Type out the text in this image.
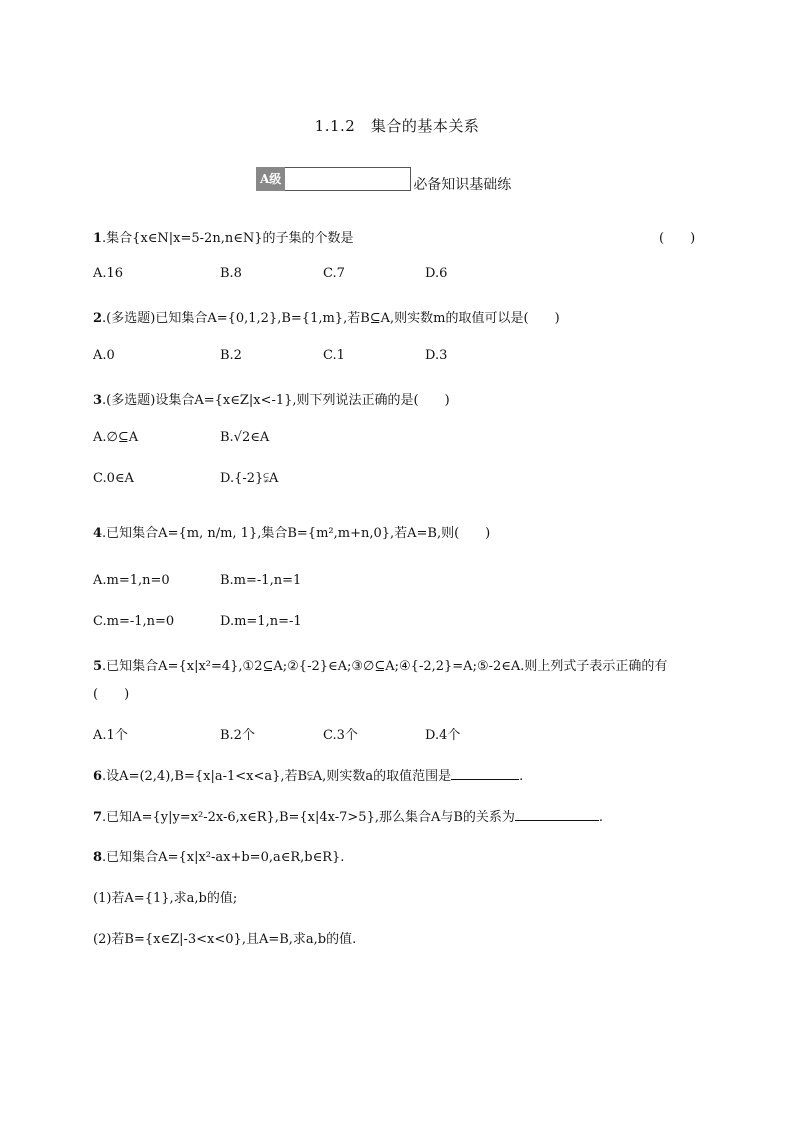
1.1.2　集合的基本关系
A级	必备知识基础练
1.集合{x∈N|x=5-2n,n∈N}的子集的个数是	(　　)
A.16	B.8	C.7	D.6
2.(多选题)已知集合A={0,1,2},B={1,m},若B⊆A,则实数m的取值可以是(　　)
A.0	B.2	C.1	D.3
3.(多选题)设集合A={x∈Z|x<-1},则下列说法正确的是(　　)
A.∅⊆A	B.√2∈A
C.0∈A	D.{-2}⫋A
4.已知集合A={m, n/m, 1},集合B={m²,m+n,0},若A=B,则(　　)
A.m=1,n=0	B.m=-1,n=1
C.m=-1,n=0	D.m=1,n=-1
5.已知集合A={x|x²=4},①2⊆A;②{-2}∈A;③∅⊆A;④{-2,2}=A;⑤-2∈A.则上列式子表示正确的有
(　　)
A.1个	B.2个	C.3个	D.4个
6.设A=(2,4),B={x|a-1<x<a},若B⫋A,则实数a的取值范围是	.
7.已知A={y|y=x²-2x-6,x∈R},B={x|4x-7>5},那么集合A与B的关系为	.
8.已知集合A={x|x²-ax+b=0,a∈R,b∈R}.
(1)若A={1},求a,b的值;
(2)若B={x∈Z|-3<x<0},且A=B,求a,b的值.
